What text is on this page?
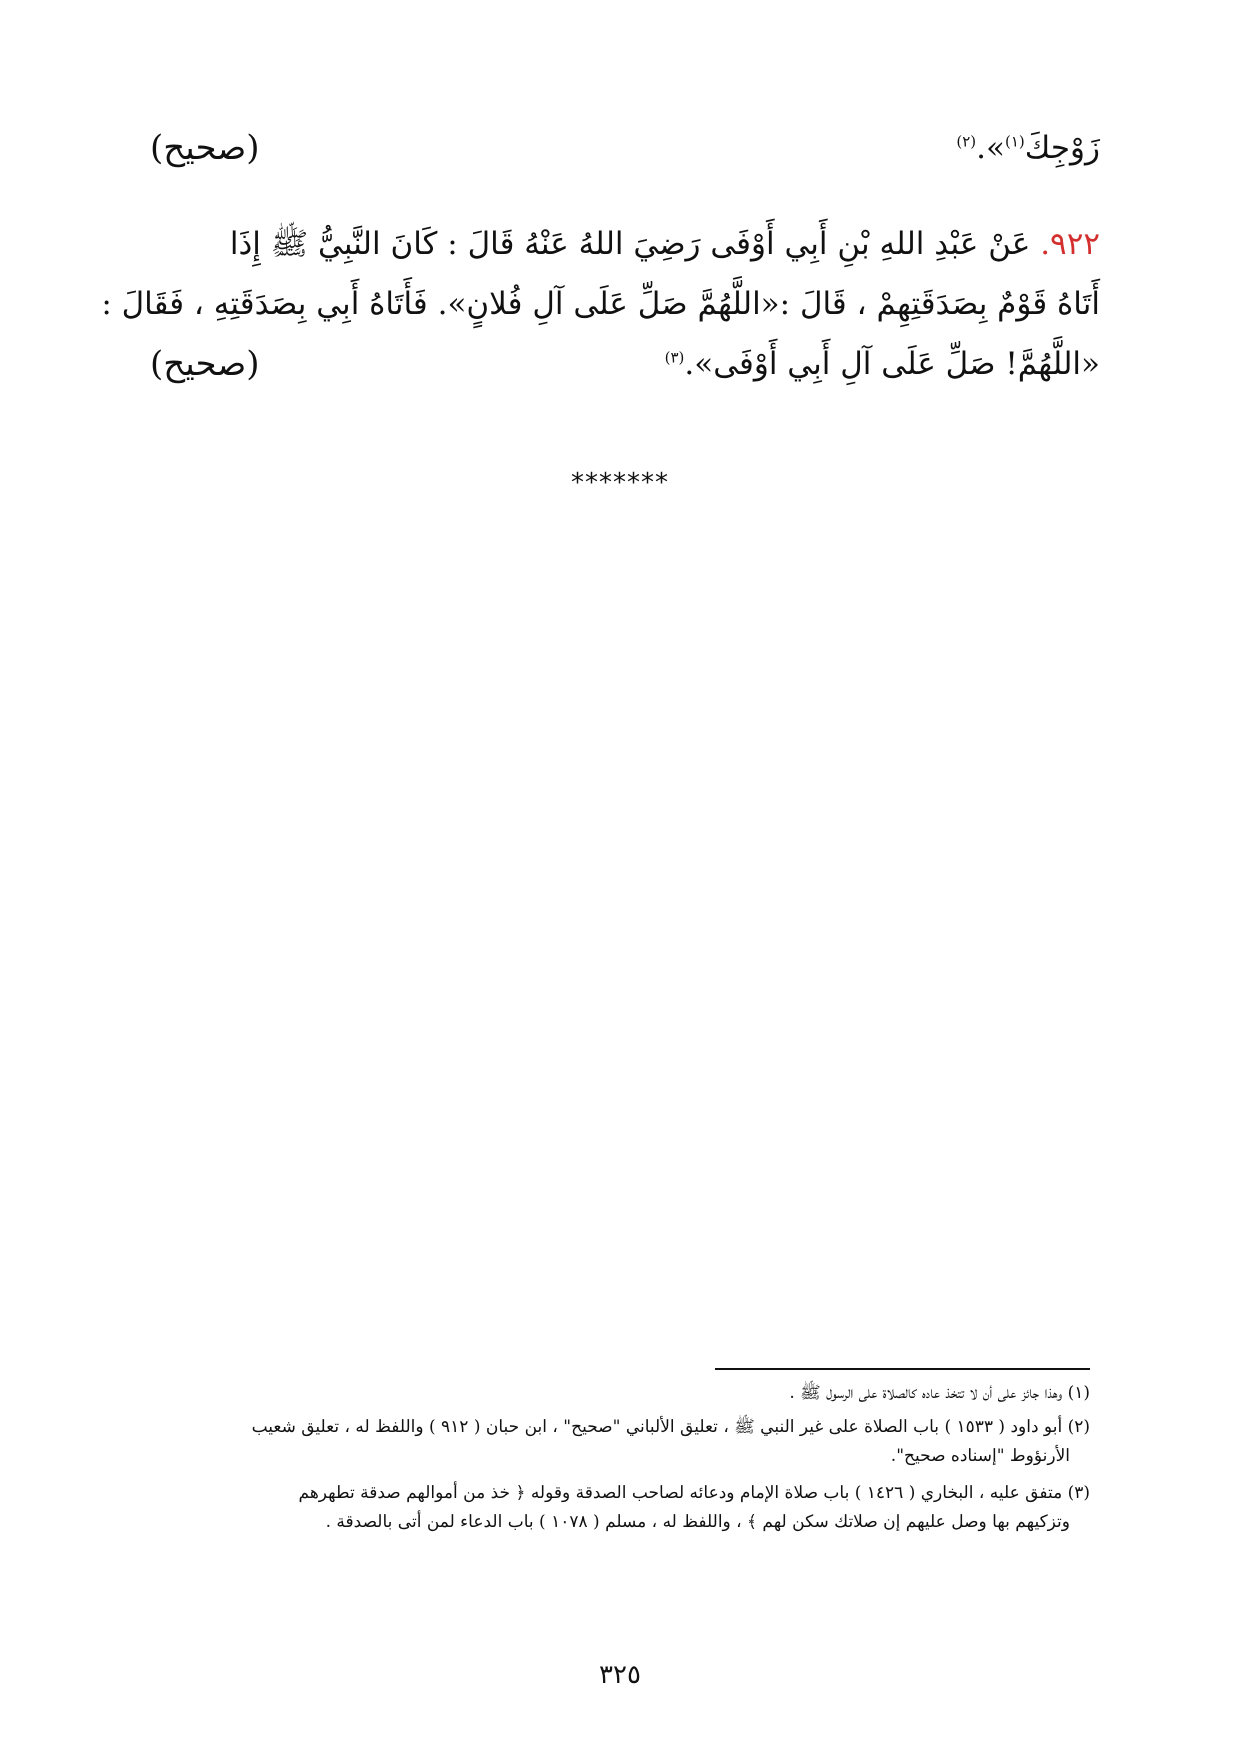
زَوْجِكَ$^{(١)}$».$^{(٢)}$
(صحيح)
٩٢٢. عَنْ عَبْدِ اللهِ بْنِ أَبِي أَوْفَى رَضِيَ اللهُ عَنْهُ قَالَ : كَانَ النَّبِيُّ ﷺ إِذَا
أَتَاهُ قَوْمٌ بِصَدَقَتِهِمْ ، قَالَ :«اللَّهُمَّ صَلِّ عَلَى آلِ فُلانٍ». فَأَتَاهُ أَبِي بِصَدَقَتِهِ ، فَقَالَ :
«اللَّهُمَّ! صَلِّ عَلَى آلِ أَبِي أَوْفَى».$^{(٣)}$
(صحيح)
*******
(١) وهذا جائز على أن لا تتخذ عاده كالصلاة على الرسول ﷺ .
(٢) أبو داود ( ١٥٣٣ ) باب الصلاة على غير النبي ﷺ ، تعليق الألباني "صحيح" ، ابن حبان ( ٩١٢ ) واللفظ له ، تعليق شعيب
الأرنؤوط "إسناده صحيح".
(٣) متفق عليه ، البخاري ( ١٤٢٦ ) باب صلاة الإمام ودعائه لصاحب الصدقة وقوله ﴿ خذ من أموالهم صدقة تطهرهم
وتزكيهم بها وصل عليهم إن صلاتك سكن لهم ﴾ ، واللفظ له ، مسلم ( ١٠٧٨ ) باب الدعاء لمن أتى بالصدقة .
٣٢٥
